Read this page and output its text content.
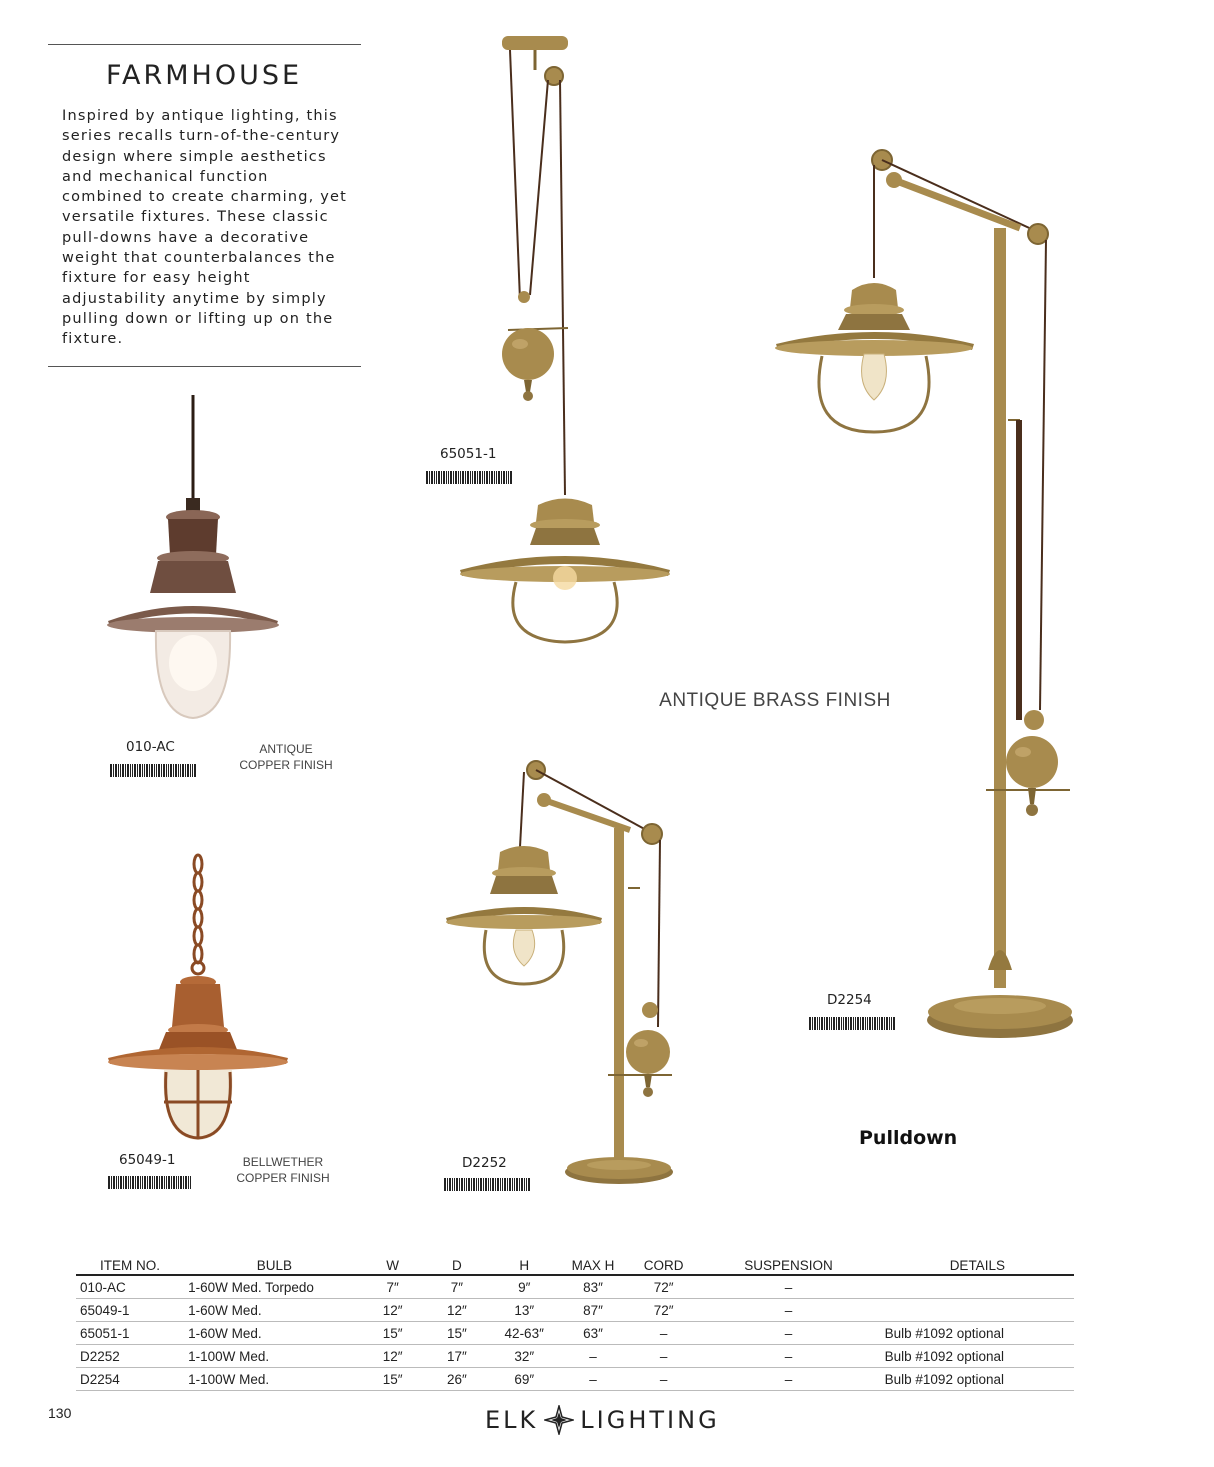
FARMHOUSE
Inspired by antique lighting, this series recalls turn-of-the-century design where simple aesthetics and mechanical function combined to create charming, yet versatile fixtures. These classic pull-downs have a decorative weight that counterbalances the fixture for easy height adjustability anytime by simply pulling down or lifting up on the fixture.
010-AC	ANTIQUE
COPPER FINISH
65049-1	BELLWETHER
COPPER FINISH
65051-1
ANTIQUE BRASS FINISH
D2252
D2254
Pulldown
ITEM NO.	BULB	W	D	H	MAX H	CORD	SUSPENSION	DETAILS
010-AC	1-60W Med. Torpedo	7″	7″	9″	83″	72″	–	
65049-1	1-60W Med.	12″	12″	13″	87″	72″	–	
65051-1	1-60W Med.	15″	15″	42-63″	63″	–	–	Bulb #1092 optional
D2252	1-100W Med.	12″	17″	32″	–	–	–	Bulb #1092 optional
D2254	1-100W Med.	15″	26″	69″	–	–	–	Bulb #1092 optional
130	ELK LIGHTING
